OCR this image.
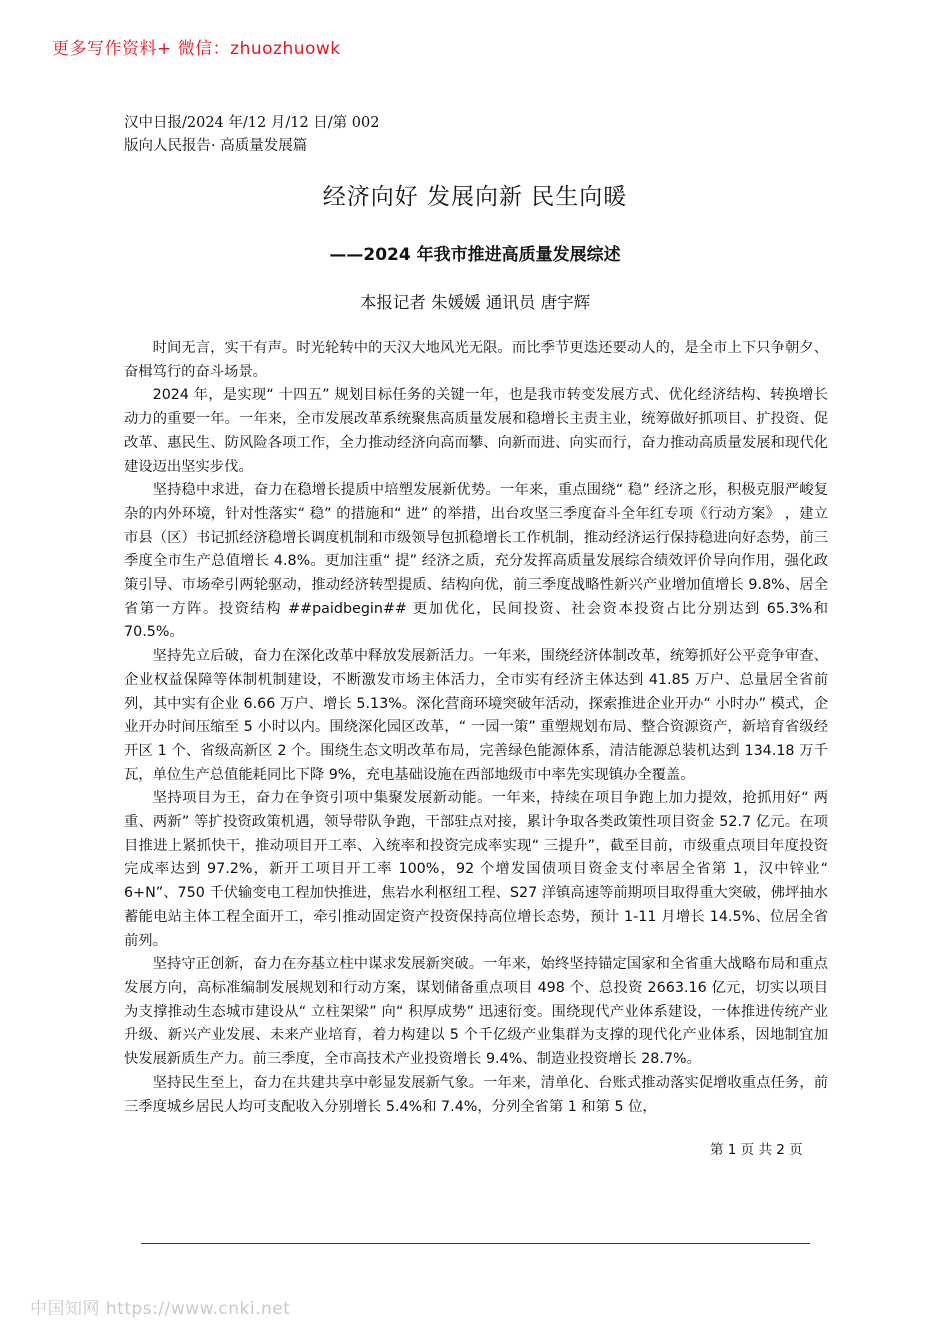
更多写作资料+ 微信：zhuozhuowk
汉中日报/2024 年/12 月/12 日/第 002
版向人民报告· 高质量发展篇
经济向好 发展向新 民生向暖
——2024 年我市推进高质量发展综述
本报记者 朱媛媛 通讯员 唐宇辉

时间无言，实干有声。时光轮转中的天汉大地风光无限。而比季节更迭还要动人的，是全市上下只争朝夕、奋楫笃行的奋斗场景。

2024 年，是实现“ 十四五” 规划目标任务的关键一年，也是我市转变发展方式、优化经济结构、转换增长动力的重要一年。一年来，全市发展改革系统聚焦高质量发展和稳增长主责主业，统筹做好抓项目、扩投资、促改革、惠民生、防风险各项工作，全力推动经济向高而攀、向新而进、向实而行，奋力推动高质量发展和现代化建设迈出坚实步伐。

坚持稳中求进，奋力在稳增长提质中培塑发展新优势。一年来，重点围绕“ 稳” 经济之形，积极克服严峻复杂的内外环境，针对性落实“ 稳” 的措施和“ 进” 的举措，出台攻坚三季度奋斗全年红专项《行动方案》 ，建立市县（区）书记抓经济稳增长调度机制和市级领导包抓稳增长工作机制，推动经济运行保持稳进向好态势，前三季度全市生产总值增长 4.8%。更加注重“ 提” 经济之质，充分发挥高质量发展综合绩效评价导向作用，强化政策引导、市场牵引两轮驱动，推动经济转型提质、结构向优，前三季度战略性新兴产业增加值增长 9.8%、居全省第一方阵。投资结构 ##paidbegin## 更加优化，民间投资、社会资本投资占比分别达到 65.3%和 70.5%。

坚持先立后破，奋力在深化改革中释放发展新活力。一年来，围绕经济体制改革，统筹抓好公平竞争审查、企业权益保障等体制机制建设，不断激发市场主体活力，全市实有经济主体达到 41.85 万户、总量居全省前列，其中实有企业 6.66 万户、增长 5.13%。深化营商环境突破年活动，探索推进企业开办“ 小时办” 模式，企业开办时间压缩至 5 小时以内。围绕深化园区改革，“ 一园一策” 重塑规划布局、整合资源资产，新培育省级经开区 1 个、省级高新区 2 个。围绕生态文明改革布局，完善绿色能源体系，清洁能源总装机达到 134.18 万千瓦，单位生产总值能耗同比下降 9%，充电基础设施在西部地级市中率先实现镇办全覆盖。

坚持项目为王，奋力在争资引项中集聚发展新动能。一年来，持续在项目争跑上加力提效，抢抓用好“ 两重、两新” 等扩投资政策机遇，领导带队争跑，干部驻点对接，累计争取各类政策性项目资金 52.7 亿元。在项目推进上紧抓快干，推动项目开工率、入统率和投资完成率实现“ 三提升”，截至目前，市级重点项目年度投资完成率达到 97.2%，新开工项目开工率 100%，92 个增发国债项目资金支付率居全省第 1，汉中锌业“ 6+N”、750 千伏输变电工程加快推进，焦岩水利枢纽工程、S27 洋镇高速等前期项目取得重大突破，佛坪抽水蓄能电站主体工程全面开工，牵引推动固定资产投资保持高位增长态势，预计 1-11 月增长 14.5%、位居全省前列。

坚持守正创新，奋力在夯基立柱中谋求发展新突破。一年来，始终坚持锚定国家和全省重大战略布局和重点发展方向，高标准编制发展规划和行动方案，谋划储备重点项目 498 个、总投资 2663.16 亿元，切实以项目为支撑推动生态城市建设从“ 立柱架梁” 向“ 积厚成势” 迅速衍变。围绕现代产业体系建设，一体推进传统产业升级、新兴产业发展、未来产业培育，着力构建以 5 个千亿级产业集群为支撑的现代化产业体系，因地制宜加快发展新质生产力。前三季度，全市高技术产业投资增长 9.4%、制造业投资增长 28.7%。

坚持民生至上，奋力在共建共享中彰显发展新气象。一年来，清单化、台账式推动落实促增收重点任务，前三季度城乡居民人均可支配收入分别增长 5.4%和 7.4%，分列全省第 1 和第 5 位，

第 1 页 共 2 页
中国知网 https://www.cnki.net
